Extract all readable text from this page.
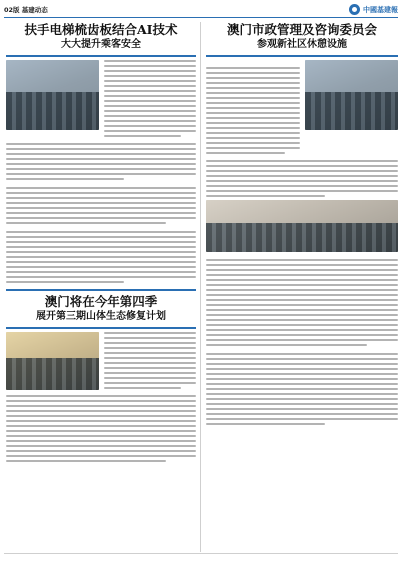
02版 基建动态	中國基建報
扶手电梯梳齿板结合AI技术
大大提升乘客安全
澳门将在今年第四季
展开第三期山体生态修复计划
澳门市政管理及咨询委员会
参观新社区休憩设施
